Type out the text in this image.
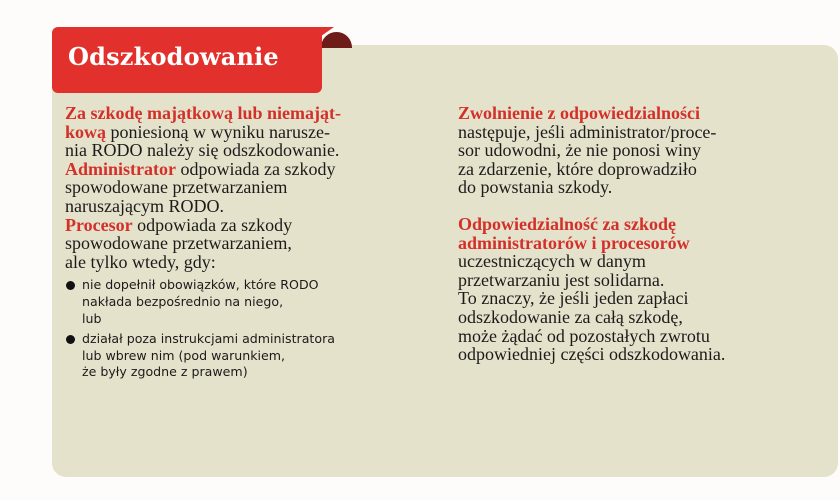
Odszkodowanie
Za szkodę majątkową lub niemająt-
kową poniesioną w wyniku narusze-
nia RODO należy się odszkodowanie.
Administrator odpowiada za szkody
spowodowane przetwarzaniem
naruszającym RODO.
Procesor odpowiada za szkody
spowodowane przetwarzaniem,
ale tylko wtedy, gdy:
nie dopełnił obowiązków, które RODO
nakłada bezpośrednio na niego,
lub
działał poza instrukcjami administratora
lub wbrew nim (pod warunkiem,
że były zgodne z prawem)
Zwolnienie z odpowiedzialności
następuje, jeśli administrator/proce-
sor udowodni, że nie ponosi winy
za zdarzenie, które doprowadziło
do powstania szkody.
Odpowiedzialność za szkodę
administratorów i procesorów
uczestniczących w danym
przetwarzaniu jest solidarna.
To znaczy, że jeśli jeden zapłaci
odszkodowanie za całą szkodę,
może żądać od pozostałych zwrotu
odpowiedniej części odszkodowania.
